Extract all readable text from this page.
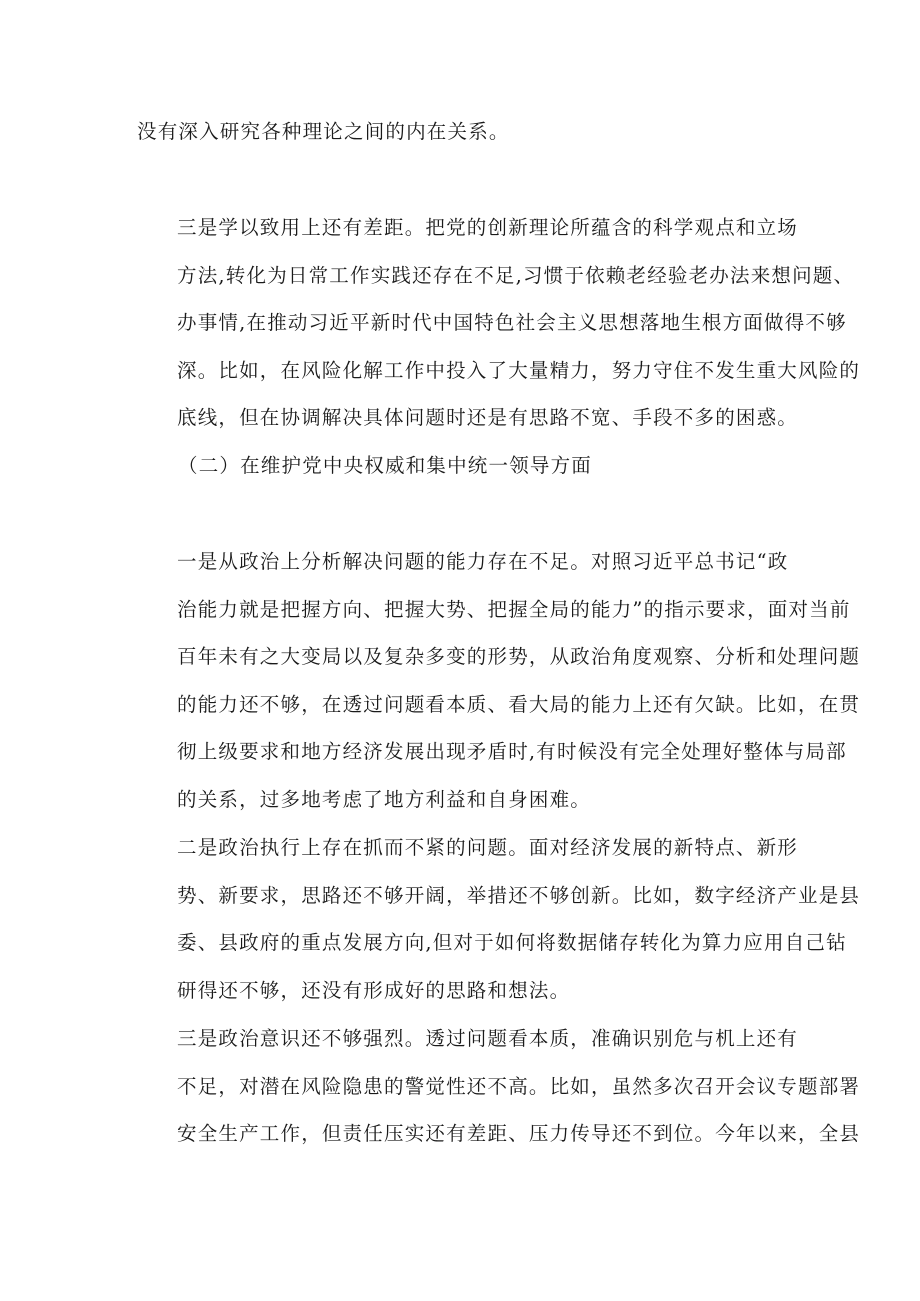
没有深入研究各种理论之间的内在关系。
三是学以致用上还有差距。把党的创新理论所蕴含的科学观点和立场
方法,转化为日常工作实践还存在不足,习惯于依赖老经验老办法来想问题、
办事情,在推动习近平新时代中国特色社会主义思想落地生根方面做得不够
深。比如，在风险化解工作中投入了大量精力，努力守住不发生重大风险的
底线，但在协调解决具体问题时还是有思路不宽、手段不多的困惑。
（二）在维护党中央权威和集中统一领导方面
一是从政治上分析解决问题的能力存在不足。对照习近平总书记“政
治能力就是把握方向、把握大势、把握全局的能力”的指示要求，面对当前
百年未有之大变局以及复杂多变的形势，从政治角度观察、分析和处理问题
的能力还不够，在透过问题看本质、看大局的能力上还有欠缺。比如，在贯
彻上级要求和地方经济发展出现矛盾时,有时候没有完全处理好整体与局部
的关系，过多地考虑了地方利益和自身困难。
二是政治执行上存在抓而不紧的问题。面对经济发展的新特点、新形
势、新要求，思路还不够开阔，举措还不够创新。比如，数字经济产业是县
委、县政府的重点发展方向,但对于如何将数据储存转化为算力应用自己钻
研得还不够，还没有形成好的思路和想法。
三是政治意识还不够强烈。透过问题看本质，准确识别危与机上还有
不足，对潜在风险隐患的警觉性还不高。比如，虽然多次召开会议专题部署
安全生产工作，但责任压实还有差距、压力传导还不到位。今年以来，全县
